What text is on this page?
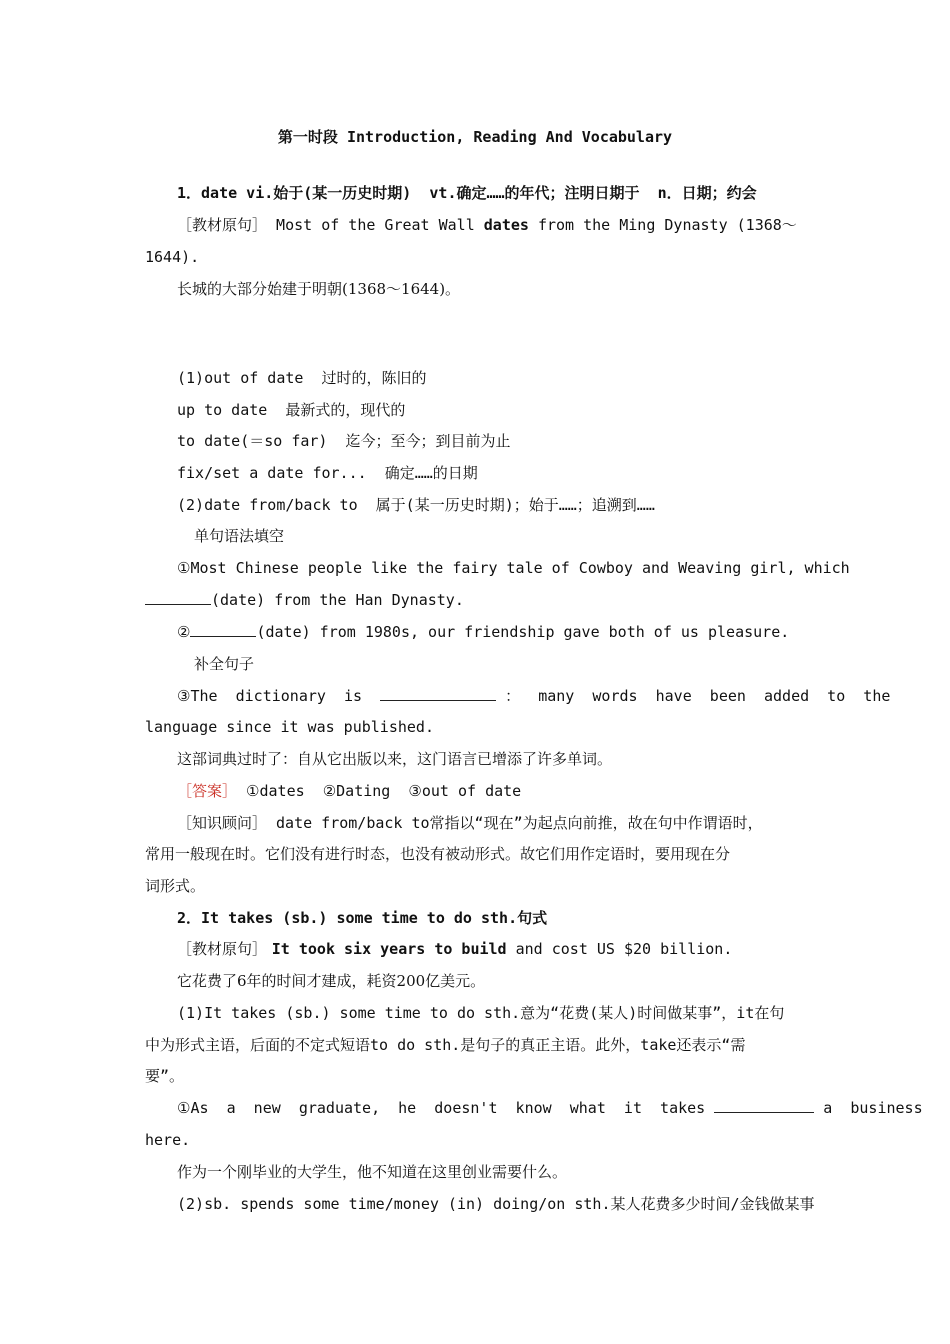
第一时段 Introduction, Reading And Vocabulary
1．date vi.始于(某一历史时期)  vt.确定……的年代；注明日期于  n．日期；约会
［教材原句］ Most of the Great Wall dates from the Ming Dynasty (1368～
1644).
长城的大部分始建于明朝(1368～1644)。
(1)out of date  过时的，陈旧的
up to date  最新式的，现代的
to date(＝so far)  迄今；至今；到目前为止
fix/set a date for...  确定……的日期
(2)date from/back to  属于(某一历史时期)；始于……；追溯到……
单句语法填空
①Most Chinese people like the fairy tale of Cowboy and Weaving girl, which
(date) from the Han Dynasty.
②	(date) from 1980s, our friendship gave both of us pleasure.
补全句子
③The  dictionary  is	：  many  words  have  been  added  to  the
language since it was published.
这部词典过时了：自从它出版以来，这门语言已增添了许多单词。
［答案］ ①dates  ②Dating  ③out of date
［知识顾问］ date from/back to常指以“现在”为起点向前推，故在句中作谓语时，
常用一般现在时。它们没有进行时态，也没有被动形式。故它们用作定语时，要用现在分
词形式。
2．It takes (sb.) some time to do sth.句式
［教材原句］ It took six years to build and cost US $20 billion.
它花费了6年的时间才建成，耗资200亿美元。
(1)It takes (sb.) some time to do sth.意为“花费(某人)时间做某事”，it在句
中为形式主语，后面的不定式短语to do sth.是句子的真正主语。此外，take还表示“需
要”。
①As  a  new  graduate,  he  doesn't  know  what  it  takes	a  business
here.
作为一个刚毕业的大学生，他不知道在这里创业需要什么。
(2)sb. spends some time/money (in) doing/on sth.某人花费多少时间/金钱做某事
